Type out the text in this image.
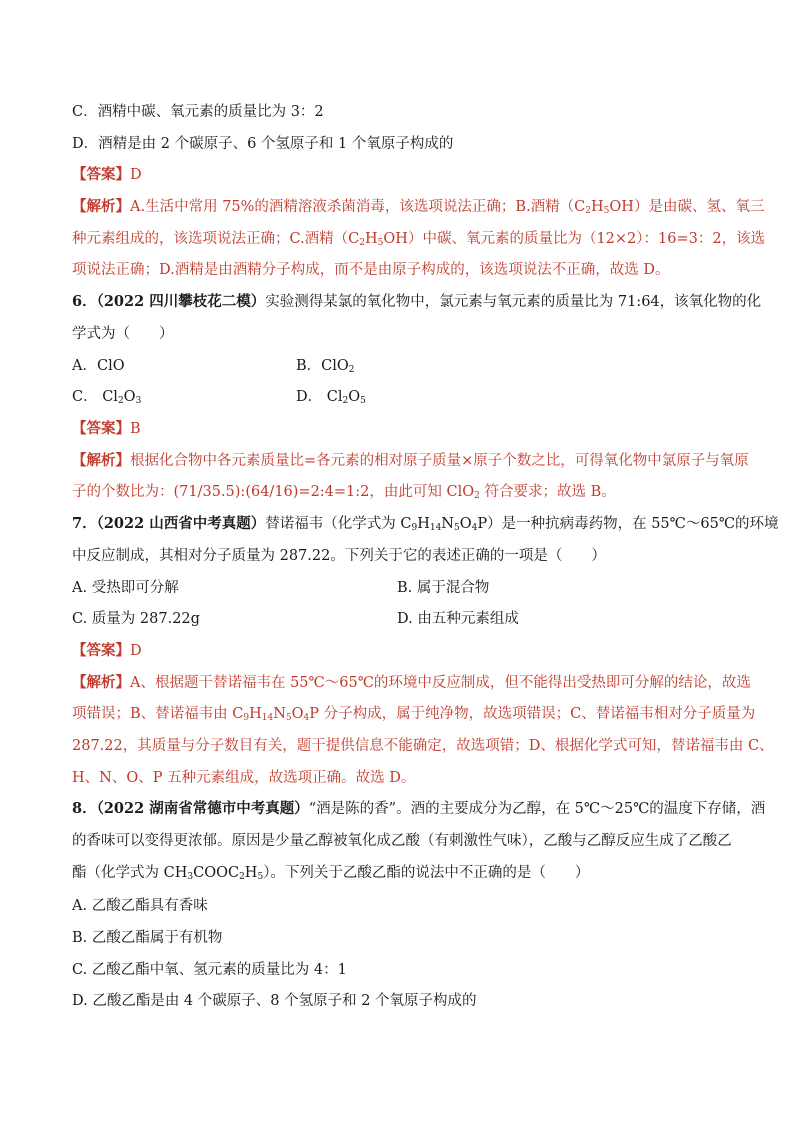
C．酒精中碳、氧元素的质量比为 3：2
D．酒精是由 2 个碳原子、6 个氢原子和 1 个氧原子构成的
【答案】D
【解析】A.生活中常用 75%的酒精溶液杀菌消毒，该选项说法正确；B.酒精$(C_2H_5OH)$是由碳、氢、氧三
种元素组成的，该选项说法正确；C.酒精$(C_2H_5OH)$中碳、氧元素的质量比为（12×2）：16=3：2，该选
项说法正确；D.酒精是由酒精分子构成，而不是由原子构成的，该选项说法不正确，故选 D。
6．（2022 四川攀枝花二模）实验测得某氯的氧化物中，氯元素与氧元素的质量比为 71:64，该氧化物的化
学式为（　　）
A．ClO	B．ClO$_2$
C． $Cl_2O_3$	D． $Cl_2O_5$
【答案】B
【解析】根据化合物中各元素质量比=各元素的相对原子质量×原子个数之比，可得氧化物中氯原子与氧原
子的个数比为：(71/35.5):(64/16)=2:4=1:2，由此可知 ClO$_2$ 符合要求；故选 B。
7．（2022 山西省中考真题）替诺福韦（化学式为 $C_9H_{14}N_5O_4P$）是一种抗病毒药物，在 55℃～65℃的环境
中反应制成，其相对分子质量为 287.22。下列关于它的表述正确的一项是（　　）
A. 受热即可分解	B. 属于混合物
C. 质量为 287.22g	D. 由五种元素组成
【答案】D
【解析】A、根据题干替诺福韦在 55℃～65℃的环境中反应制成，但不能得出受热即可分解的结论，故选
项错误；B、替诺福韦由 $C_9H_{14}N_5O_4P$ 分子构成，属于纯净物，故选项错误；C、替诺福韦相对分子质量为
287.22，其质量与分子数目有关，题干提供信息不能确定，故选项错；D、根据化学式可知，替诺福韦由 C、
H、N、O、P 五种元素组成，故选项正确。故选 D。
8．（2022 湖南省常德市中考真题）“酒是陈的香”。酒的主要成分为乙醇，在 5℃～25℃的温度下存储，酒
的香味可以变得更浓郁。原因是少量乙醇被氧化成乙酸（有刺激性气味），乙酸与乙醇反应生成了乙酸乙
酯（化学式为 $CH_3COOC_2H_5$）。下列关于乙酸乙酯的说法中不正确的是（　　）
A. 乙酸乙酯具有香味
B. 乙酸乙酯属于有机物
C. 乙酸乙酯中氧、氢元素的质量比为 4：1
D. 乙酸乙酯是由 4 个碳原子、8 个氢原子和 2 个氧原子构成的
